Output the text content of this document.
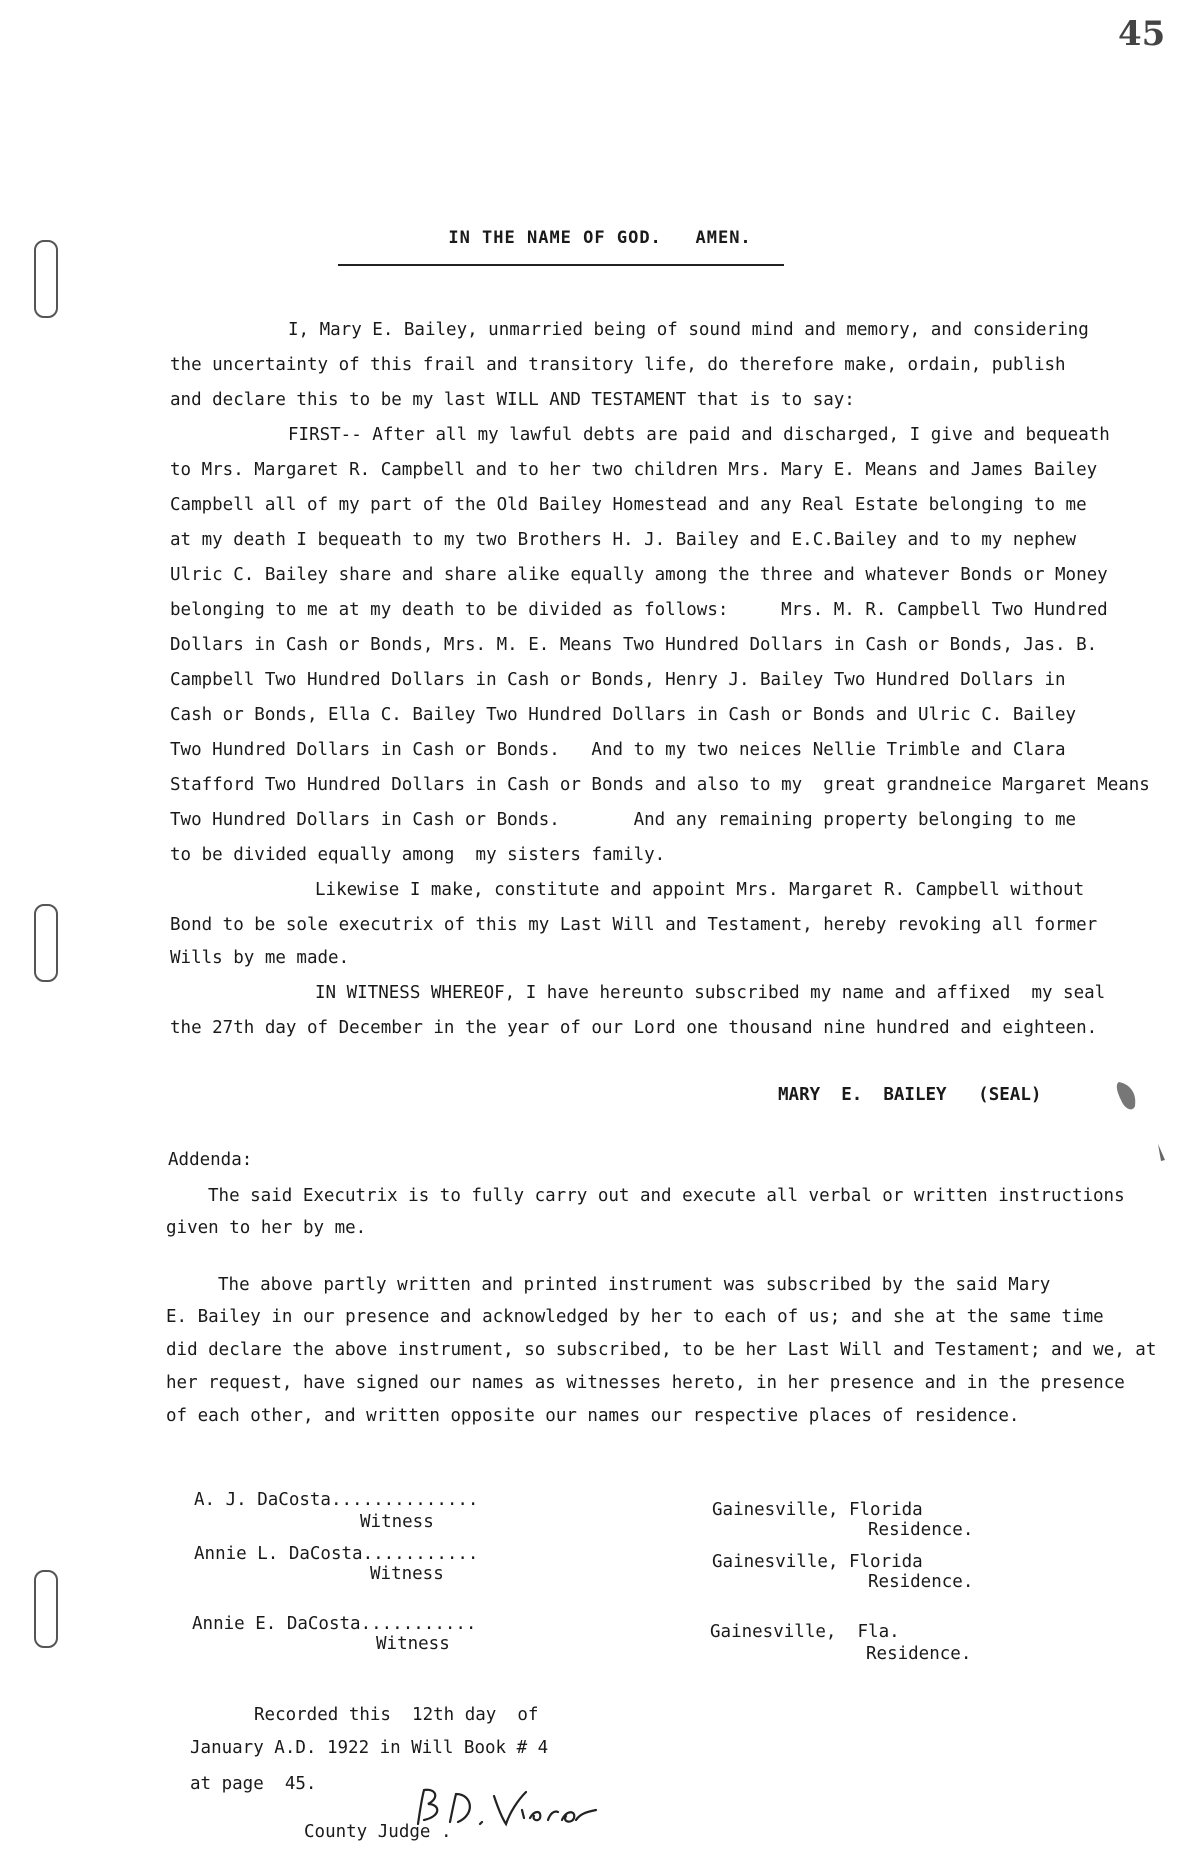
45
IN THE NAME OF GOD.   AMEN.
I, Mary E. Bailey, unmarried being of sound mind and memory, and considering
the uncertainty of this frail and transitory life, do therefore make, ordain, publish
and declare this to be my last WILL AND TESTAMENT that is to say:
FIRST-- After all my lawful debts are paid and discharged, I give and bequeath
to Mrs. Margaret R. Campbell and to her two children Mrs. Mary E. Means and James Bailey
Campbell all of my part of the Old Bailey Homestead and any Real Estate belonging to me
at my death I bequeath to my two Brothers H. J. Bailey and E.C.Bailey and to my nephew
Ulric C. Bailey share and share alike equally among the three and whatever Bonds or Money
belonging to me at my death to be divided as follows:     Mrs. M. R. Campbell Two Hundred
Dollars in Cash or Bonds, Mrs. M. E. Means Two Hundred Dollars in Cash or Bonds, Jas. B.
Campbell Two Hundred Dollars in Cash or Bonds, Henry J. Bailey Two Hundred Dollars in
Cash or Bonds, Ella C. Bailey Two Hundred Dollars in Cash or Bonds and Ulric C. Bailey
Two Hundred Dollars in Cash or Bonds.   And to my two neices Nellie Trimble and Clara
Stafford Two Hundred Dollars in Cash or Bonds and also to my  great grandneice Margaret Means
Two Hundred Dollars in Cash or Bonds.       And any remaining property belonging to me
to be divided equally among  my sisters family.
Likewise I make, constitute and appoint Mrs. Margaret R. Campbell without
Bond to be sole executrix of this my Last Will and Testament, hereby revoking all former
Wills by me made.
IN WITNESS WHEREOF, I have hereunto subscribed my name and affixed  my seal
the 27th day of December in the year of our Lord one thousand nine hundred and eighteen.
MARY  E.  BAILEY   (SEAL)
Addenda:
The said Executrix is to fully carry out and execute all verbal or written instructions
given to her by me.
The above partly written and printed instrument was subscribed by the said Mary
E. Bailey in our presence and acknowledged by her to each of us; and she at the same time
did declare the above instrument, so subscribed, to be her Last Will and Testament; and we, at
her request, have signed our names as witnesses hereto, in her presence and in the presence
of each other, and written opposite our names our respective places of residence.
A. J. DaCosta..............
Witness
Gainesville, Florida
Residence.
Annie L. DaCosta...........
Witness
Gainesville, Florida
Residence.
Annie E. DaCosta...........
Witness
Gainesville,  Fla.
Residence.
Recorded this  12th day  of
January A.D. 1922 in Will Book # 4
at page  45.
County Judge .
